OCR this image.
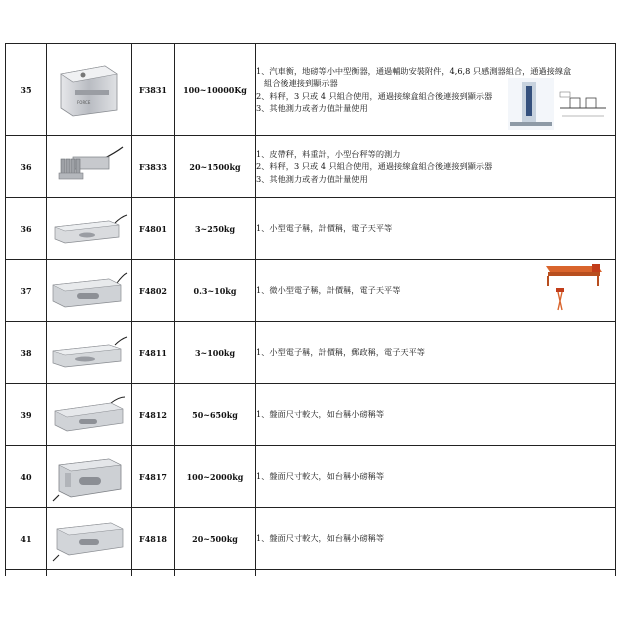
35	FORCE	F3831	100~10000Kg	1、汽車衡，地磅等小中型衡器，通過輔助安裝附件，4,6,8 只感測器組合，通過接線盒
組合後連接到顯示器
2、料秤，3 只或 4 只組合使用，通過接線盒組合後連接到顯示器
3、其他測力或者力值計量使用

36		F3833	20~1500kg	1、皮帶秤，料重計，小型台秤等的測力
2、料秤，3 只或 4 只組合使用，通過接線盒組合後連接到顯示器
3、其他測力或者力值計量使用

36		F4801	3~250kg	1、小型電子稱，計價稱，電子天平等

37		F4802	0.3~10kg	1、微小型電子稱，計價稱，電子天平等

38		F4811	3~100kg	1、小型電子稱，計價稱，郵政稱，電子天平等

39		F4812	50~650kg	1、盤面尺寸較大，如台稱小磅稱等

40		F4817	100~2000kg	1、盤面尺寸較大，如台稱小磅稱等

41		F4818	20~500kg	1、盤面尺寸較大，如台稱小磅稱等
